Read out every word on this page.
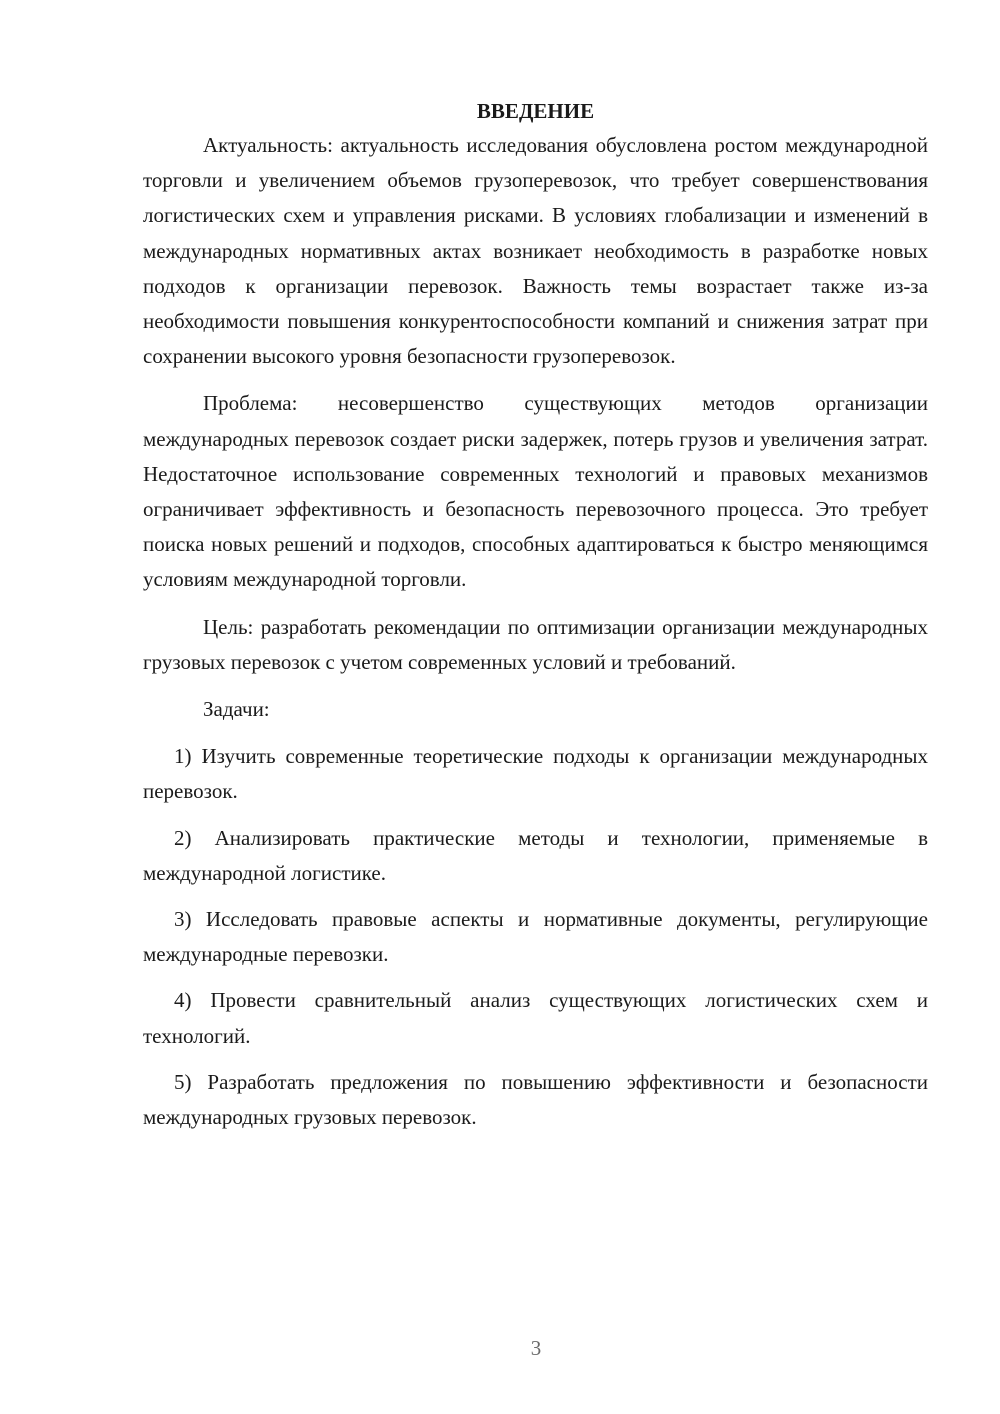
ВВЕДЕНИЕ

Актуальность: актуальность исследования обусловлена ростом международной торговли и увеличением объемов грузоперевозок, что требует совершенствования логистических схем и управления рисками. В условиях глобализации и изменений в международных нормативных актах возникает необходимость в разработке новых подходов к организации перевозок. Важность темы возрастает также из-за необходимости повышения конкурентоспособности компаний и снижения затрат при сохранении высокого уровня безопасности грузоперевозок.

Проблема: несовершенство существующих методов организации международных перевозок создает риски задержек, потерь грузов и увеличения затрат. Недостаточное использование современных технологий и правовых механизмов ограничивает эффективность и безопасность перевозочного процесса. Это требует поиска новых решений и подходов, способных адаптироваться к быстро меняющимся условиям международной торговли.

Цель: разработать рекомендации по оптимизации организации международных грузовых перевозок с учетом современных условий и требований.

Задачи:

1) Изучить современные теоретические подходы к организации международных перевозок.

2) Анализировать практические методы и технологии, применяемые в международной логистике.

3) Исследовать правовые аспекты и нормативные документы, регулирующие международные перевозки.

4) Провести сравнительный анализ существующих логистических схем и технологий.

5) Разработать предложения по повышению эффективности и безопасности международных грузовых перевозок.

3
